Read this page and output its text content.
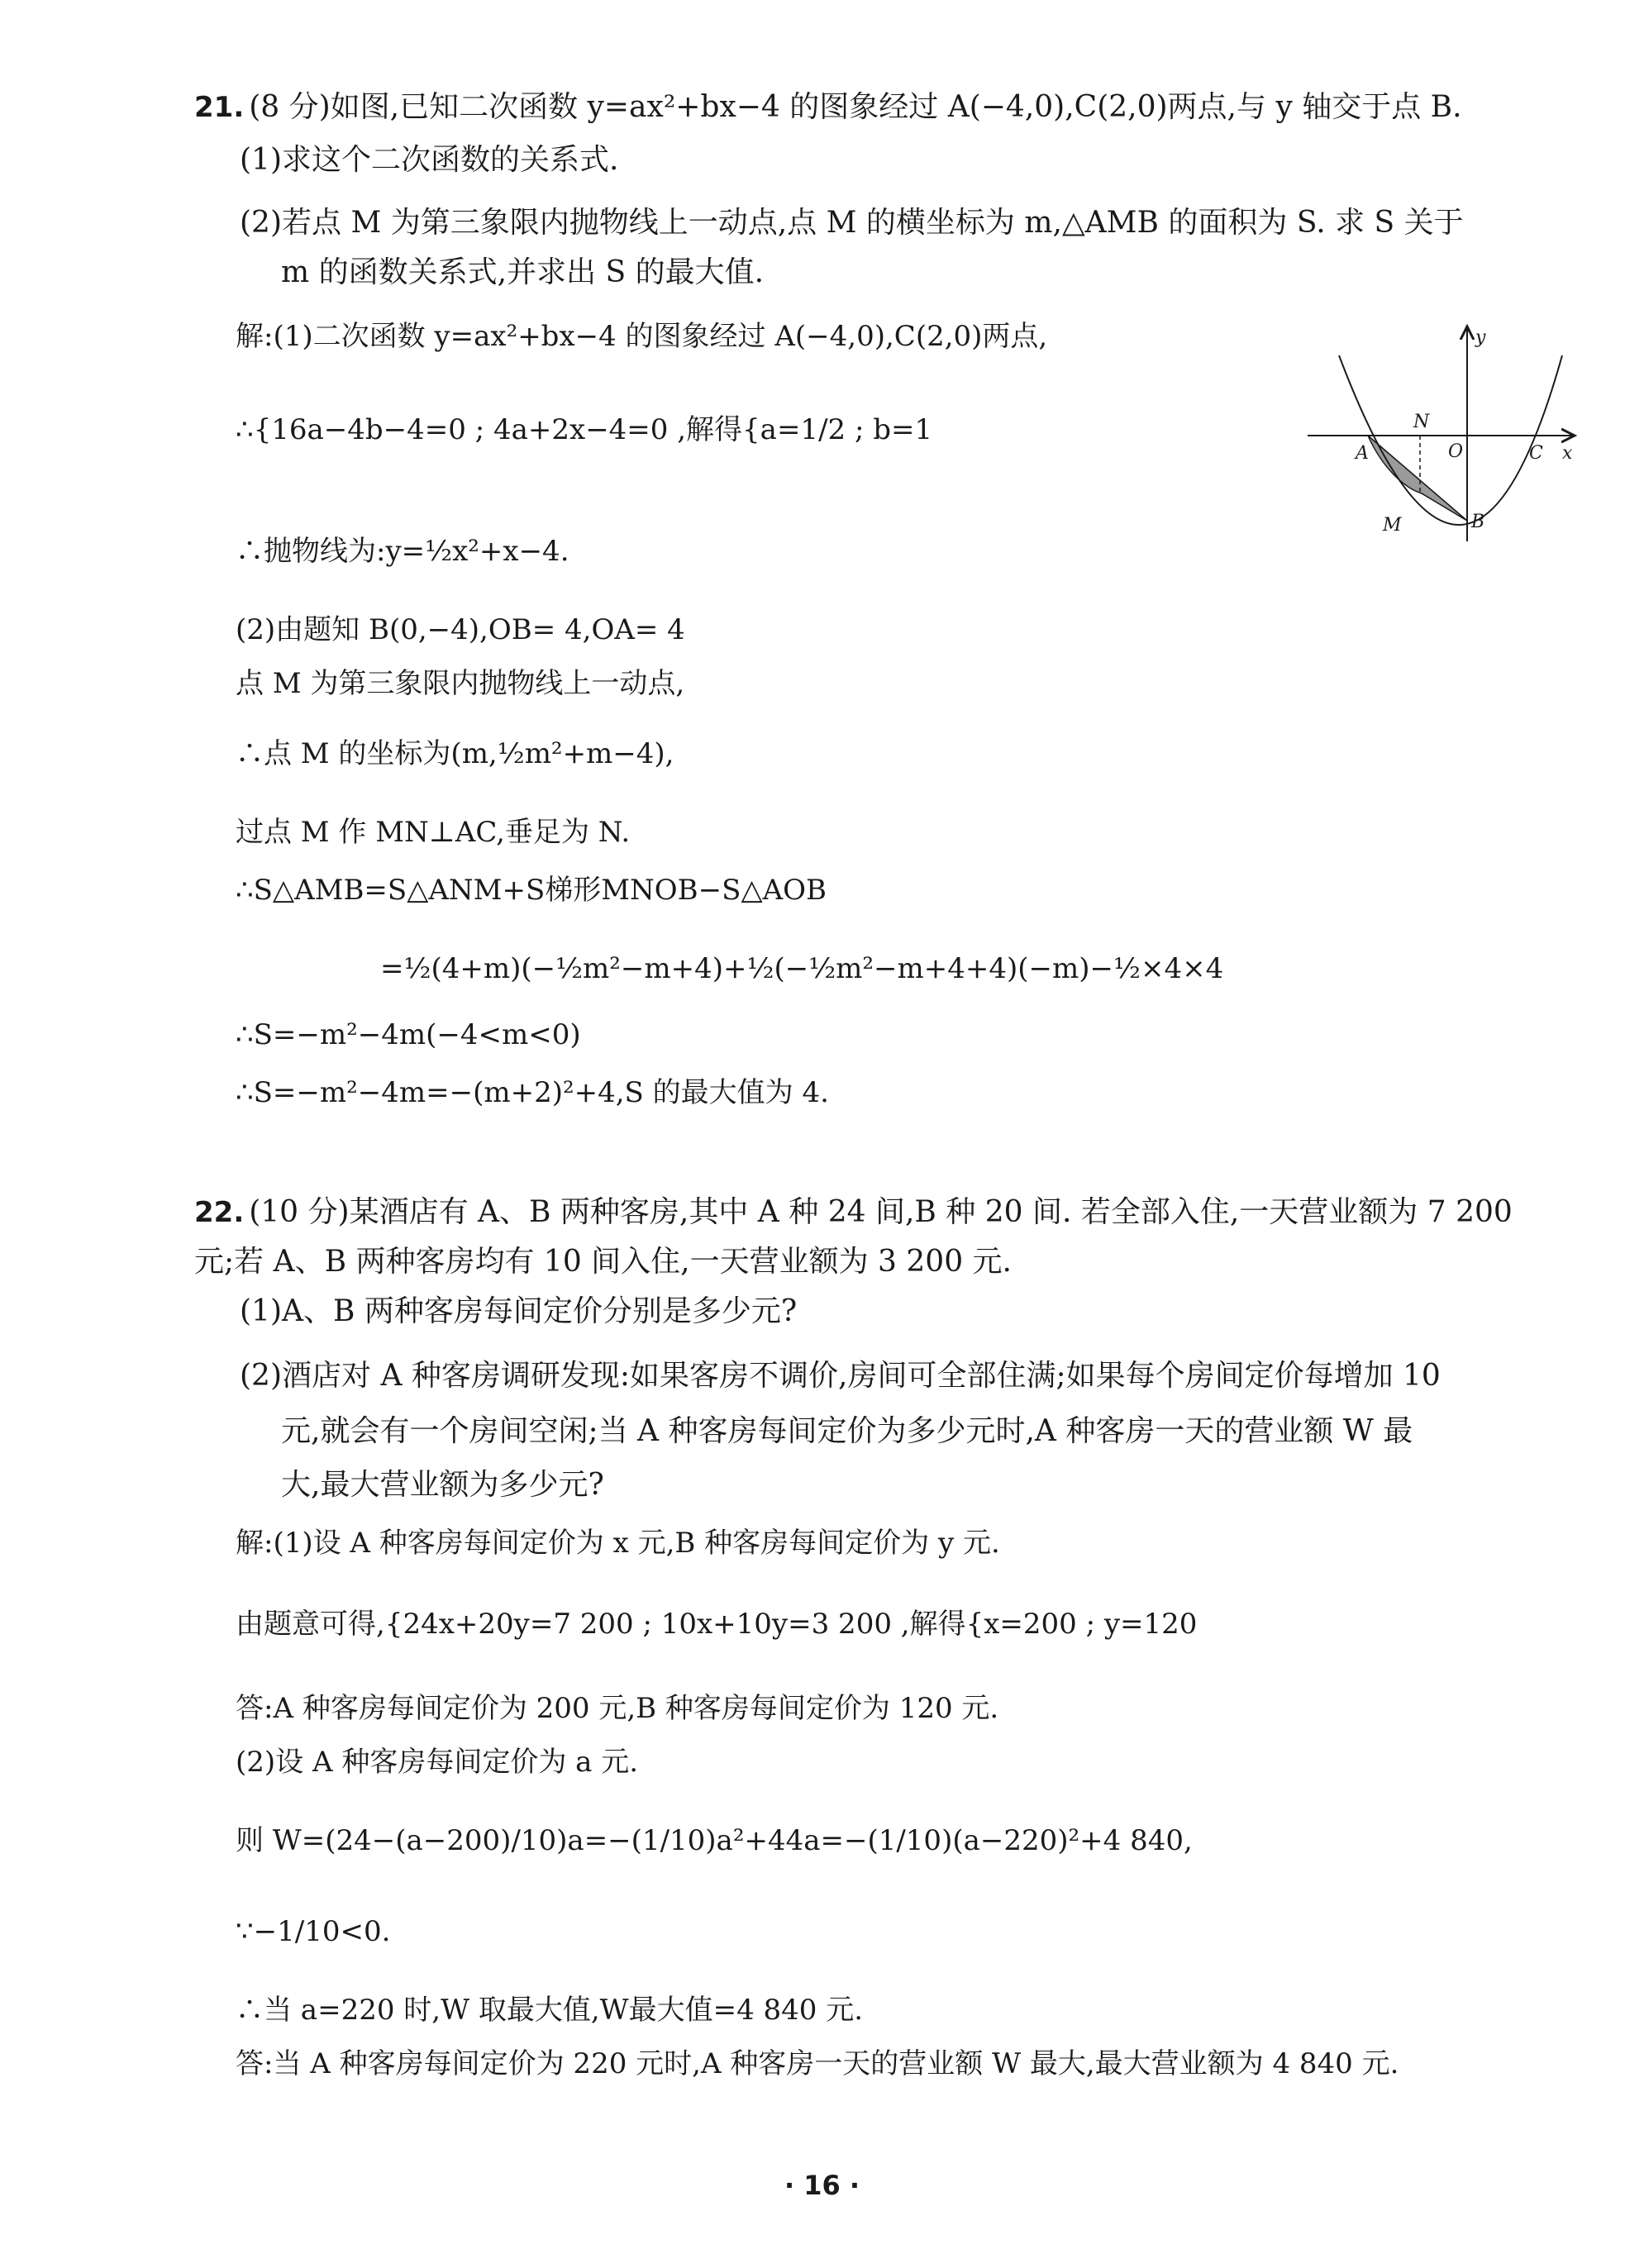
21. (8 分)如图,已知二次函数 y=ax²+bx−4 的图象经过 A(−4,0),C(2,0)两点,与 y 轴交于点 B.
(1)求这个二次函数的关系式.
(2)若点 M 为第三象限内抛物线上一动点,点 M 的横坐标为 m,△AMB 的面积为 S. 求 S 关于
m 的函数关系式,并求出 S 的最大值.
解:(1)二次函数 y=ax²+bx−4 的图象经过 A(−4,0),C(2,0)两点,
∴{16a−4b−4=0 ; 4a+2x−4=0 ,解得{a=1/2 ; b=1
∴抛物线为:y=½x²+x−4.
(2)由题知 B(0,−4),OB= 4,OA= 4
点 M 为第三象限内抛物线上一动点,
∴点 M 的坐标为(m,½m²+m−4),
过点 M 作 MN⊥AC,垂足为 N.
∴S△AMB=S△ANM+S梯形MNOB−S△AOB
=½(4+m)(−½m²−m+4)+½(−½m²−m+4+4)(−m)−½×4×4
∴S=−m²−4m(−4<m<0)
∴S=−m²−4m=−(m+2)²+4,S 的最大值为 4.
y
x
N
A	O	C
M	B
22. (10 分)某酒店有 A、B 两种客房,其中 A 种 24 间,B 种 20 间. 若全部入住,一天营业额为 7 200
元;若 A、B 两种客房均有 10 间入住,一天营业额为 3 200 元.
(1)A、B 两种客房每间定价分别是多少元?
(2)酒店对 A 种客房调研发现:如果客房不调价,房间可全部住满;如果每个房间定价每增加 10
元,就会有一个房间空闲;当 A 种客房每间定价为多少元时,A 种客房一天的营业额 W 最
大,最大营业额为多少元?
解:(1)设 A 种客房每间定价为 x 元,B 种客房每间定价为 y 元.
由题意可得,{24x+20y=7 200 ; 10x+10y=3 200 ,解得{x=200 ; y=120
答:A 种客房每间定价为 200 元,B 种客房每间定价为 120 元.
(2)设 A 种客房每间定价为 a 元.
则 W=(24−(a−200)/10)a=−(1/10)a²+44a=−(1/10)(a−220)²+4 840,
∵−1/10<0.
∴当 a=220 时,W 取最大值,W最大值=4 840 元.
答:当 A 种客房每间定价为 220 元时,A 种客房一天的营业额 W 最大,最大营业额为 4 840 元.
· 16 ·
